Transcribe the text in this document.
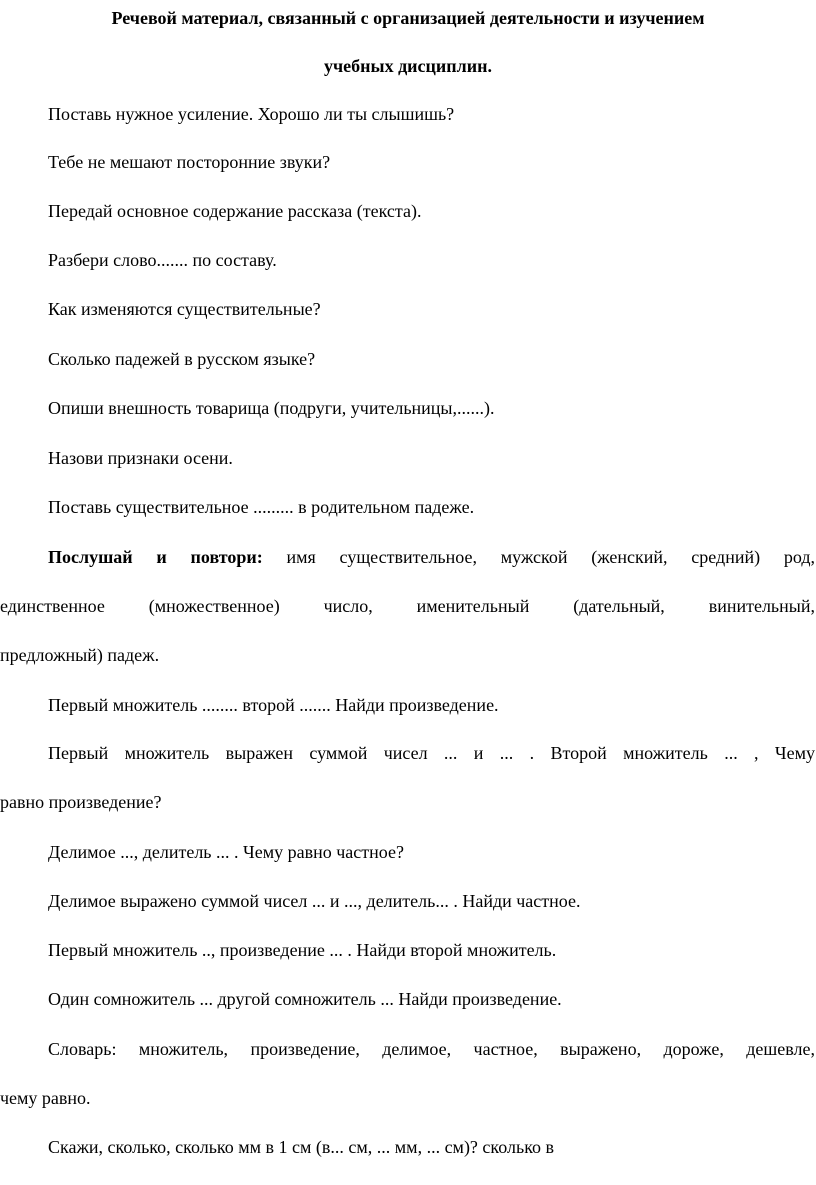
Речевой материал, связанный с организацией деятельности и изучением
учебных дисциплин.
Поставь нужное усиление. Хорошо ли ты слышишь?
Тебе не мешают посторонние звуки?
Передай основное содержание рассказа (текста).
Разбери слово....... по составу.
Как изменяются существительные?
Сколько падежей в русском языке?
Опиши внешность товарища (подруги, учительницы,......).
Назови признаки осени.
Поставь существительное ......... в родительном падеже.
Послушай и повтори: имя существительное, мужской (женский, средний) род,
единственное (множественное) число, именительный (дательный, винительный,
предложный) падеж.
Первый множитель ........ второй ....... Найди произведение.
Первый множитель выражен суммой чисел ... и ... . Второй множитель ... , Чему
равно произведение?
Делимое ..., делитель ... . Чему равно частное?
Делимое выражено суммой чисел ... и ..., делитель... . Найди частное.
Первый множитель .., произведение ... . Найди второй множитель.
Один сомножитель ... другой сомножитель ... Найди произведение.
Словарь: множитель, произведение, делимое, частное, выражено, дороже, дешевле,
чему равно.
Скажи, сколько, сколько мм в 1 см (в... см, ... мм, ... см)? сколько в
